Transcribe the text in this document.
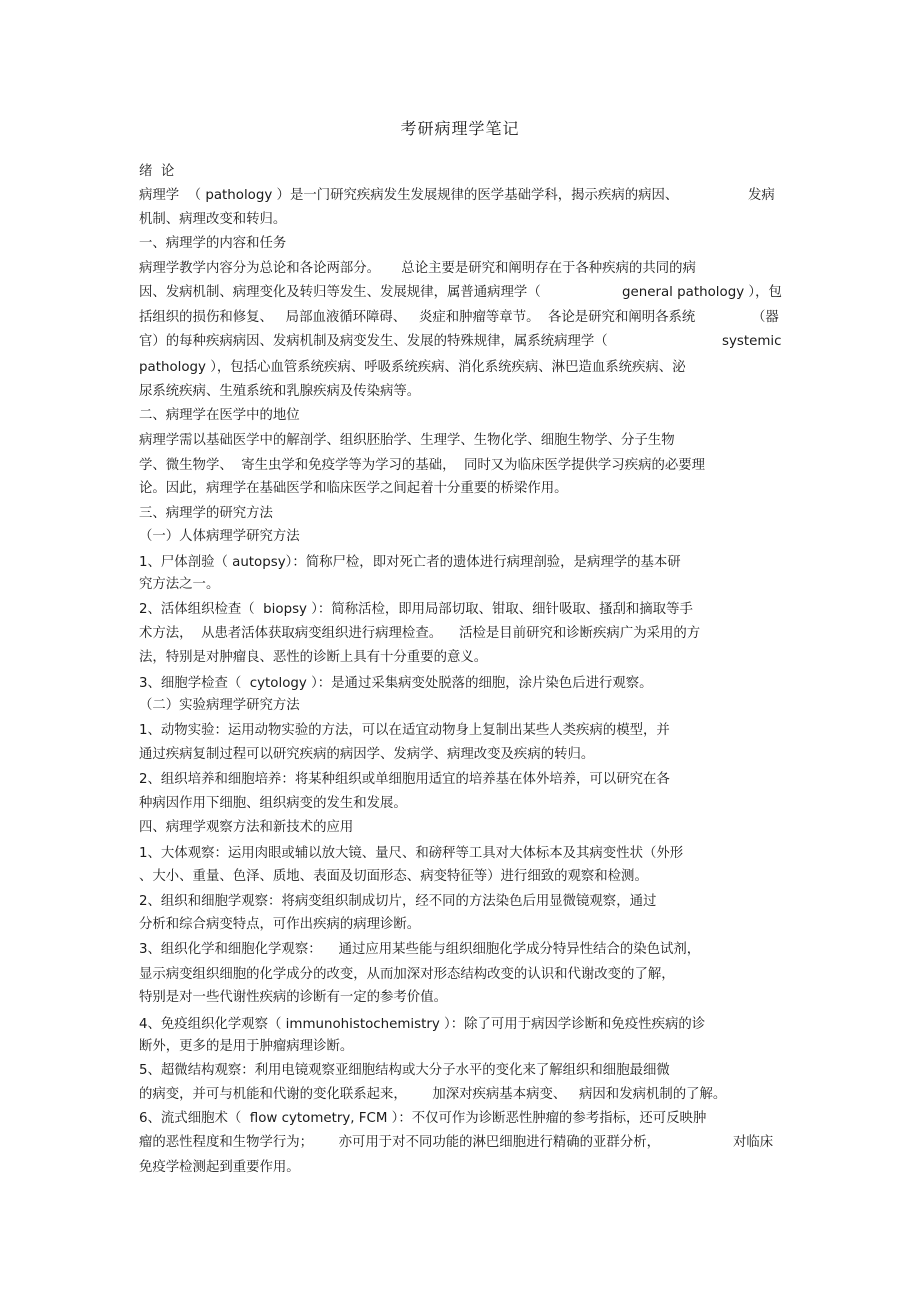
考研病理学笔记
绪  论
病理学  （ pathology ）是一门研究疾病发生发展规律的医学基础学科，揭示疾病的病因、	发病
机制、病理改变和转归。
一、病理学的内容和任务
病理学教学内容分为总论和各论两部分。     总论主要是研究和阐明存在于各种疾病的共同的病
因、发病机制、病理变化及转归等发生、发展规律，属普通病理学（	general pathology ），包
括组织的损伤和修复、   局部血液循环障碍、   炎症和肿瘤等章节。  各论是研究和阐明各系统	（器
官）的每种疾病病因、发病机制及病变发生、发展的特殊规律，属系统病理学（	systemic
pathology ），包括心血管系统疾病、呼吸系统疾病、消化系统疾病、淋巴造血系统疾病、泌
尿系统疾病、生殖系统和乳腺疾病及传染病等。
二、病理学在医学中的地位
病理学需以基础医学中的解剖学、组织胚胎学、生理学、生物化学、细胞生物学、分子生物
学、微生物学、  寄生虫学和免疫学等为学习的基础，  同时又为临床医学提供学习疾病的必要理
论。因此，病理学在基础医学和临床医学之间起着十分重要的桥梁作用。
三、病理学的研究方法
（一）人体病理学研究方法
1、尸体剖验（ autopsy）：简称尸检，即对死亡者的遗体进行病理剖验，是病理学的基本研
究方法之一。
2、活体组织检查（  biopsy ）：简称活检，即用局部切取、钳取、细针吸取、搔刮和摘取等手
术方法，  从患者活体获取病变组织进行病理检查。    活检是目前研究和诊断疾病广为采用的方
法，特别是对肿瘤良、恶性的诊断上具有十分重要的意义。
3、细胞学检查（  cytology ）：是通过采集病变处脱落的细胞，涂片染色后进行观察。
（二）实验病理学研究方法
1、动物实验：运用动物实验的方法，可以在适宜动物身上复制出某些人类疾病的模型，并
通过疾病复制过程可以研究疾病的病因学、发病学、病理改变及疾病的转归。
2、组织培养和细胞培养：将某种组织或单细胞用适宜的培养基在体外培养，可以研究在各
种病因作用下细胞、组织病变的发生和发展。
四、病理学观察方法和新技术的应用
1、大体观察：运用肉眼或辅以放大镜、量尺、和磅秤等工具对大体标本及其病变性状（外形
、大小、重量、色泽、质地、表面及切面形态、病变特征等）进行细致的观察和检测。
2、组织和细胞学观察：将病变组织制成切片，经不同的方法染色后用显微镜观察，通过
分析和综合病变特点，可作出疾病的病理诊断。
3、组织化学和细胞化学观察：    通过应用某些能与组织细胞化学成分特异性结合的染色试剂，
显示病变组织细胞的化学成分的改变，从而加深对形态结构改变的认识和代谢改变的了解，
特别是对一些代谢性疾病的诊断有一定的参考价值。
4、免疫组织化学观察（ immunohistochemistry ）：除了可用于病因学诊断和免疫性疾病的诊
断外，更多的是用于肿瘤病理诊断。
5、超微结构观察：利用电镜观察亚细胞结构或大分子水平的变化来了解组织和细胞最细微
的病变，并可与机能和代谢的变化联系起来，      加深对疾病基本病变、   病因和发病机制的了解。
6、流式细胞术（  flow cytometry, FCM ）：不仅可作为诊断恶性肿瘤的参考指标，还可反映肿
瘤的恶性程度和生物学行为；      亦可用于对不同功能的淋巴细胞进行精确的亚群分析，	对临床
免疫学检测起到重要作用。
